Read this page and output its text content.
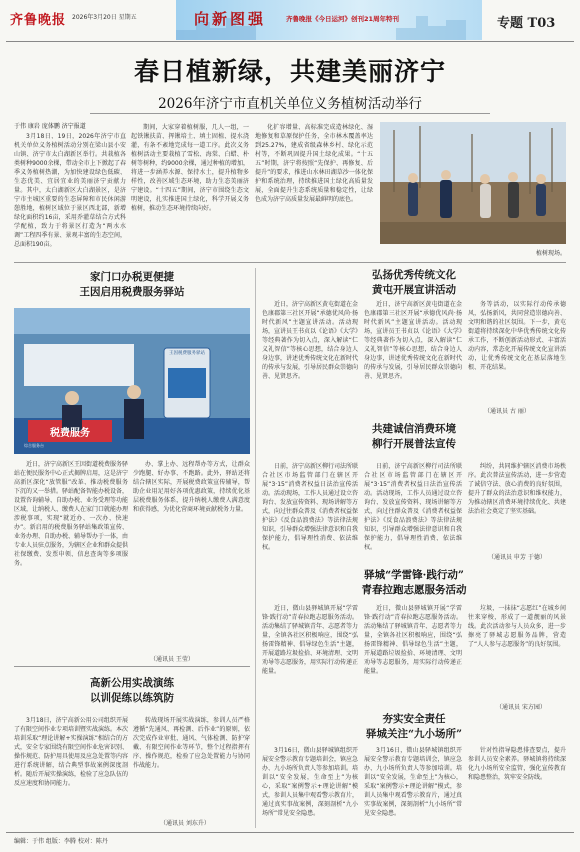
齐鲁晚报 2026年3月20日 星期五	向新图强	齐鲁晚报《今日运河》创刊21周年特刊	专题 T03
春日植新绿，共建美丽济宁
2026年济宁市直机关单位义务植树活动举行
于伟 康岩 庞体鹏 济宁报道
3月18日、19日，2026年济宁市直机关单位义务植树活动分别在梁山县小安山镇、济宁市太白湖新区举行。共栽植各类树种9000余棵，带动全市上下掀起了春季义务植树热潮，为加快建设绿色低碳、生态优美、宜居宜业的美丽济宁贡献力量。其中，太白湖新区大白湖景区，是济宁市主城区重要的生态屏障和市民休闲游憩胜地，植树区域位于景区西北部，新增绿化面积约16亩，采用乔灌草结合方式科学配植，致力于将景区打造为“两水水调”工程四季有景、景观丰富的生态空间，总面积190亩。
期间，大家穿着植树服，几人一组，一起铁锹扶苗、挥锹培土、填土固植、提水浇灌，有条不紊地完成每一道工序。此次义务植树活动主要栽植了雪松、海棠、白蜡、朴树等树种，约9000余棵，通过种植的增加，将进一步涵养水源、保持水土，提升植物多样性，改善区域生态环境，助力生态美丽济宁建设。“十四五”期间，济宁市围绕生态文明建设，扎实推进国土绿化，科学开展义务植树，推动生态环境持续向好。
化扩容增量、高标准完成造林绿化、湿地修复和草原保护任务，全市林木覆盖率达到25.27%，建成省级森林乡村、绿化示范村等，不断巩固提升国土绿化成果。“十五五”时期，济宁将按照“先保护、再修复、后提升”的要求，推进山水林田湖草沙一体化保护和系统治理，持续推进国土绿化高质量发展，全面提升生态系统质量和稳定性，让绿色成为济宁高质量发展最鲜明的底色。
植树现场。
家门口办税更便捷
王因启用税费服务驿站
税费服务
王因税费服务驿站
综合服务台
近日，济宁高新区王因街道税费服务驿站在便民服务中心正式揭牌启用，这是济宁高新区深化“放管服”改革、推动税费服务下沉的又一举措。驿站配备智能办税设备，设置咨询辅导、自助办税、业务受理等功能区域，让纳税人、缴费人在家门口就能办理涉税事项，实现“就近办、一次办、快速办”。新启用的税费服务驿站集政策宣传、业务办理、自助办税、辅导帮办于一体，由专业人员驻点服务，为辖区企业和群众提供社保缴费、发票申领、信息查询等多项服务。
办、掌上办、远程帮办等方式，让群众少跑腿、好办事、不跑路。此外，驿站还将结合辖区实际，开展税费政策宣传辅导，帮助企业用足用好各项优惠政策，持续优化基层税费服务体系，提升纳税人缴费人满意度和获得感，为优化营商环境贡献税务力量。
（通讯员 王莹）
高新公用实战演练
以训促练以练筑防
3月18日，济宁高新公用公司组织开展了有限空间作业专项培训暨实战演练。本次培训采取“理论讲解+实操演练”相结合的方式，安全专家围绕有限空间作业危害识别、操作规范、防护用具使用及应急处置等内容进行系统讲解，结合典型事故案例深度剖析。随后开展实操演练，检验了应急队伍的反应速度和协同能力。
转战现场开展实战演练，参训人员严格遵循“先通风、再检测、后作业”的原则，依次完成作业审批、通风、气体检测、防护穿戴、有限空间作业等环节，整个过程指挥有序、操作规范，检验了应急处置能力与协同作战能力。
（通讯员 刘东升）
弘扬优秀传统文化
黄屯开展宣讲活动
近日，济宁高新区黄屯街道在金色康郡第三社区开展“承德优风尚·扬时代新风”主题宣讲活动。活动现场，宣讲员王书贞以《论语》《大学》等经典著作为切入点，深入解读“仁义礼智信”等核心思想，结合身边人身边事，讲述优秀传统文化在新时代的传承与发展，引导居民群众崇德向善、见贤思齐。
近日，济宁高新区黄屯街道在金色康郡第三社区开展“承德优风尚·扬时代新风”主题宣讲活动。活动现场，宣讲员王书贞以《论语》《大学》等经典著作为切入点，深入解读“仁义礼智信”等核心思想，结合身边人身边事，讲述优秀传统文化在新时代的传承与发展，引导居民群众崇德向善、见贤思齐。
务等活动，以实际行动传承德风，弘扬新风，共同营造崇德向善、文明和谐的社区氛围。下一步，黄屯街道将持续深化中华优秀传统文化传承工作，不断创新活动形式、丰富活动内容，常态化开展传统文化宣讲活动，让优秀传统文化在基层落地生根、开花结果。
（通讯员 古 丽）
共建诚信消费环境
柳行开展普法宣传
日前，济宁高新区柳行司法所联合社区市场监管部门在辖区开展“3·15”消费者权益日法治宣传活动。活动现场，工作人员通过设立咨询台、发放宣传资料、现场讲解等方式，向过往群众普及《消费者权益保护法》《反食品浪费法》等法律法规知识，引导群众增强法律意识和自我保护能力，倡导理性消费、依法维权。
日前，济宁高新区柳行司法所联合社区市场监管部门在辖区开展“3·15”消费者权益日法治宣传活动。活动现场，工作人员通过设立咨询台、发放宣传资料、现场讲解等方式，向过往群众普及《消费者权益保护法》《反食品浪费法》等法律法规知识，引导群众增强法律意识和自我保护能力，倡导理性消费、依法维权。
纠纷，共同维护辖区消费市场秩序。此次普法宣传活动，进一步营造了诚信守法、放心消费的良好氛围，提升了群众的法治意识和维权能力，为推动辖区消费环境持续优化、共建法治社会奠定了坚实基础。
（通讯员 申芳 于德）
驿城“学雷锋·践行动”
青春拉跑志愿服务活动
近日，微山县驿城镇开展“学雷锋·践行动”青春拉跑志愿服务活动。活动集结了驿城镇青年、志愿者等力量，全镇各社区积极响应，围绕“弘扬雷锋精神、倡导绿色生活”主题，开展道路垃圾捡拾、环境清理、文明劝导等志愿服务，用实际行动传递正能量。
近日，微山县驿城镇开展“学雷锋·践行动”青春拉跑志愿服务活动。活动集结了驿城镇青年、志愿者等力量，全镇各社区积极响应，围绕“弘扬雷锋精神、倡导绿色生活”主题，开展道路垃圾捡拾、环境清理、文明劝导等志愿服务，用实际行动传递正能量。
垃圾，一抹抹“志愿红”在城乡间往来穿梭，形成了一道靓丽的风景线。此次活动参与人员众多，进一步擦亮了驿城志愿服务品牌，营造了“人人参与志愿服务”的良好氛围。
（通讯员 宋方园）
夯实安全责任
驿城关注“九小场所”
3月16日，微山县驿城镇组织开展安全警示教育专题培训会，镇应急办、九小场所负责人等参加培训。培训以“安全发展，生命至上”为核心，采取“案例警示+理论讲解”模式，参训人员集中观看警示教育片，通过真实事故案例，深刻剖析“九小场所”常见安全隐患。
3月16日，微山县驿城镇组织开展安全警示教育专题培训会，镇应急办、九小场所负责人等参加培训。培训以“安全发展，生命至上”为核心，采取“案例警示+理论讲解”模式，参训人员集中观看警示教育片，通过真实事故案例，深刻剖析“九小场所”常见安全隐患。
针对性指导隐患排查要点，提升参训人员安全素养。驿城镇将持续深化九小场所安全监管，强化宣传教育和隐患整治，筑牢安全防线。
编辑：于伟 组版：李腾 校对：陈丹
